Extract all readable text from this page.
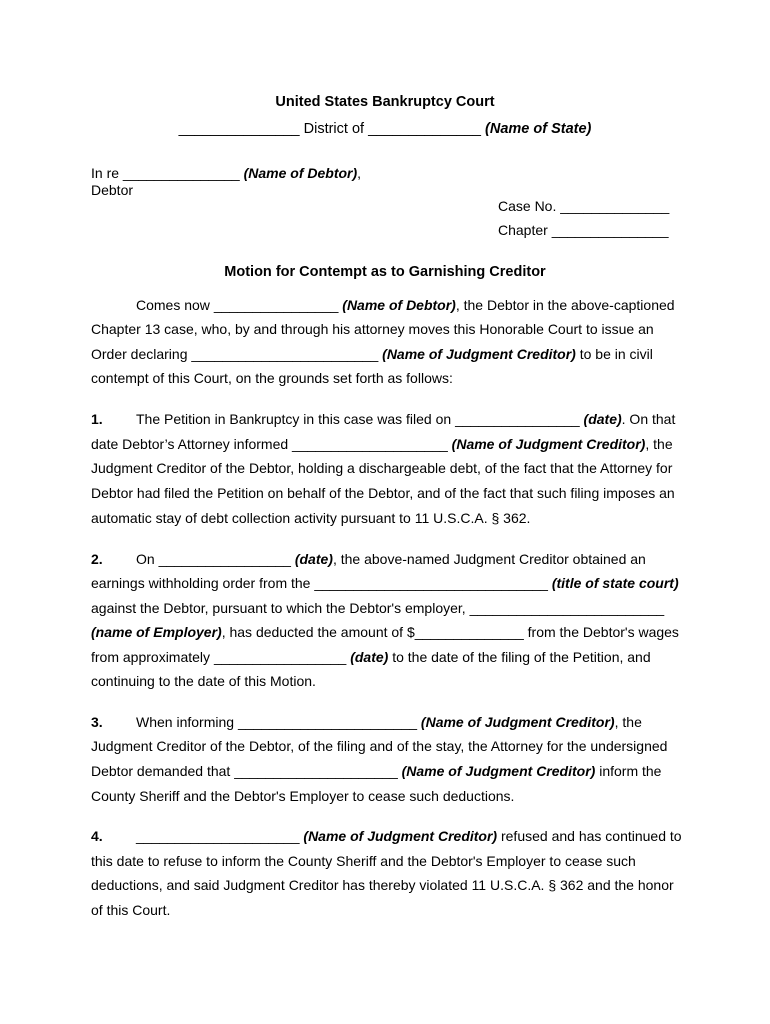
United States Bankruptcy Court
_______________ District of ______________ (Name of State)
In re _______________ (Name of Debtor),
Debtor
Case No. ______________
Chapter _______________
Motion for Contempt as to Garnishing Creditor
Comes now ________________ (Name of Debtor), the Debtor in the above-captioned
Chapter 13 case, who, by and through his attorney moves this Honorable Court to issue an
Order declaring ________________________ (Name of Judgment Creditor) to be in civil
contempt of this Court, on the grounds set forth as follows:
1. The Petition in Bankruptcy in this case was filed on ________________ (date). On that
date Debtor’s Attorney informed ____________________ (Name of Judgment Creditor), the
Judgment Creditor of the Debtor, holding a dischargeable debt, of the fact that the Attorney for
Debtor had filed the Petition on behalf of the Debtor, and of the fact that such filing imposes an
automatic stay of debt collection activity pursuant to 11 U.S.C.A. § 362.
2. On _________________ (date), the above-named Judgment Creditor obtained an
earnings withholding order from the ______________________________ (title of state court)
against the Debtor, pursuant to which the Debtor's employer, _________________________
(name of Employer), has deducted the amount of $______________ from the Debtor's wages
from approximately _________________ (date) to the date of the filing of the Petition, and
continuing to the date of this Motion.
3. When informing _______________________ (Name of Judgment Creditor), the
Judgment Creditor of the Debtor, of the filing and of the stay, the Attorney for the undersigned
Debtor demanded that _____________________ (Name of Judgment Creditor) inform the
County Sheriff and the Debtor's Employer to cease such deductions.
4. _____________________ (Name of Judgment Creditor) refused and has continued to
this date to refuse to inform the County Sheriff and the Debtor's Employer to cease such
deductions, and said Judgment Creditor has thereby violated 11 U.S.C.A. § 362 and the honor
of this Court.
